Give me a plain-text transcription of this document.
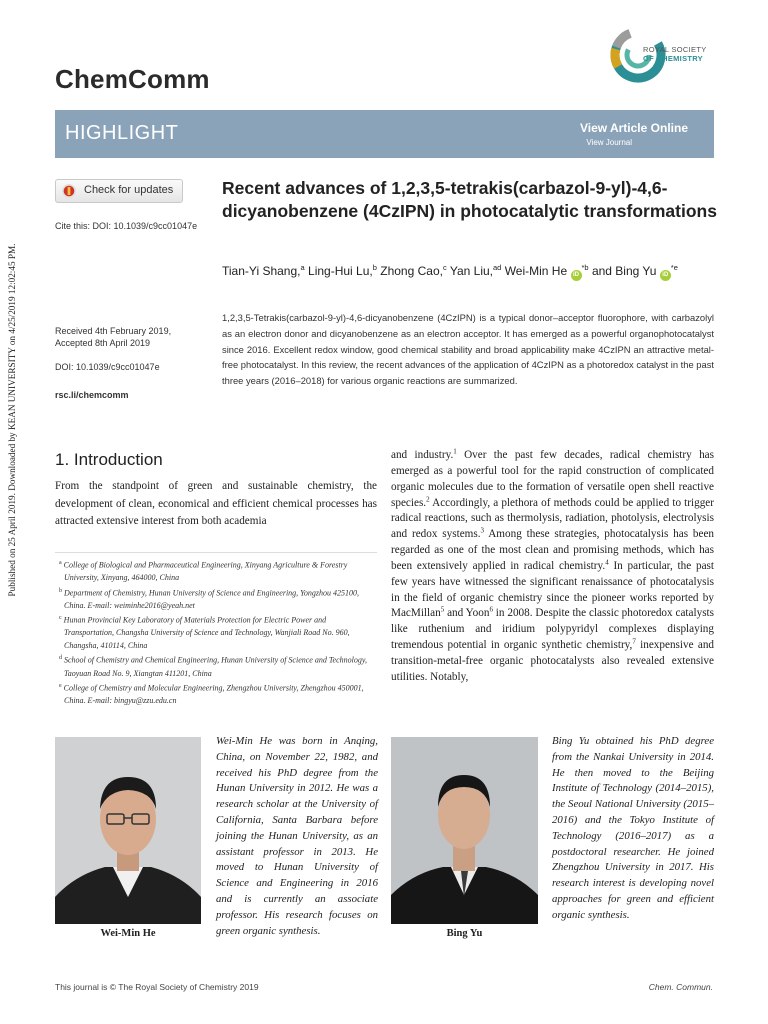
Published on 25 April 2019. Downloaded by KEAN UNIVERSITY on 4/25/2019 12:02:45 PM.
ChemComm
ROYAL SOCIETY
OF CHEMISTRY
HIGHLIGHT	View Article Online
View Journal
Check for updates
Cite this: DOI: 10.1039/c9cc01047e
Recent advances of 1,2,3,5-tetrakis(carbazol-9-yl)-4,6-dicyanobenzene (4CzIPN) in photocatalytic transformations
Tian-Yi Shang,$^a$ Ling-Hui Lu,$^b$ Zhong Cao,$^c$ Yan Liu,$^{ad}$ Wei-Min He $iD^{*b}$ and Bing Yu $iD^{*e}$
Received 4th February 2019,
Accepted 8th April 2019
DOI: 10.1039/c9cc01047e
rsc.li/chemcomm
1,2,3,5-Tetrakis(carbazol-9-yl)-4,6-dicyanobenzene (4CzIPN) is a typical donor–acceptor fluorophore, with carbazolyl as an electron donor and dicyanobenzene as an electron acceptor. It has emerged as a powerful organophotocatalyst since 2016. Excellent redox window, good chemical stability and broad applicability make 4CzIPN an attractive metal-free photocatalyst. In this review, the recent advances of the application of 4CzIPN as a photoredox catalyst in the past three years (2016–2018) for various organic reactions are summarized.
1. Introduction
From the standpoint of green and sustainable chemistry, the development of clean, economical and efficient chemical processes has attracted extensive interest from both academia
and industry.$^1$ Over the past few decades, radical chemistry has emerged as a powerful tool for the rapid construction of complicated organic molecules due to the formation of versatile open shell reactive species.$^2$ Accordingly, a plethora of methods could be applied to trigger radical reactions, such as thermolysis, radiation, photolysis, electrolysis and redox systems.$^3$ Among these strategies, photocatalysis has been regarded as one of the most clean and promising methods, which has been extensively applied in radical chemistry.$^4$ In particular, the past few years have witnessed the significant renaissance of photocatalysis in the field of organic chemistry since the pioneer works reported by MacMillan$^5$ and Yoon$^6$ in 2008. Despite the classic photoredox catalysts like ruthenium and iridium polypyridyl complexes displaying tremendous potential in organic synthetic chemistry,$^7$ inexpensive and transition-metal-free organic photocatalysts also revealed extensive utilities. Notably,

$^a$ College of Biological and Pharmaceutical Engineering, Xinyang Agriculture & Forestry University, Xinyang, 464000, China

$^b$ Department of Chemistry, Hunan University of Science and Engineering, Yongzhou 425100, China. E-mail: weiminhe2016@yeah.net

$^c$ Hunan Provincial Key Laboratory of Materials Protection for Electric Power and Transportation, Changsha University of Science and Technology, Wanjiali Road No. 960, Changsha, 410114, China

$^d$ School of Chemistry and Chemical Engineering, Hunan University of Science and Technology, Taoyuan Road No. 9, Xiangtan 411201, China

$^e$ College of Chemistry and Molecular Engineering, Zhengzhou University, Zhengzhou 450001, China. E-mail: bingyu@zzu.edu.cn

Wei-Min He
Wei-Min He was born in Anqing, China, on November 22, 1982, and received his PhD degree from the Hunan University in 2012. He was a research scholar at the University of California, Santa Barbara before joining the Hunan University, as an assistant professor in 2013. He moved to Hunan University of Science and Engineering in 2016 and is currently an associate professor. His research focuses on green organic synthesis.	Bing Yu
Bing Yu obtained his PhD degree from the Nankai University in 2014. He then moved to the Beijing Institute of Technology (2014–2015), the Seoul National University (2015–2016) and the Tokyo Institute of Technology (2016–2017) as a postdoctoral researcher. He joined Zhengzhou University in 2017. His research interest is developing novel approaches for green and efficient organic synthesis.
This journal is © The Royal Society of Chemistry 2019	Chem. Commun.
